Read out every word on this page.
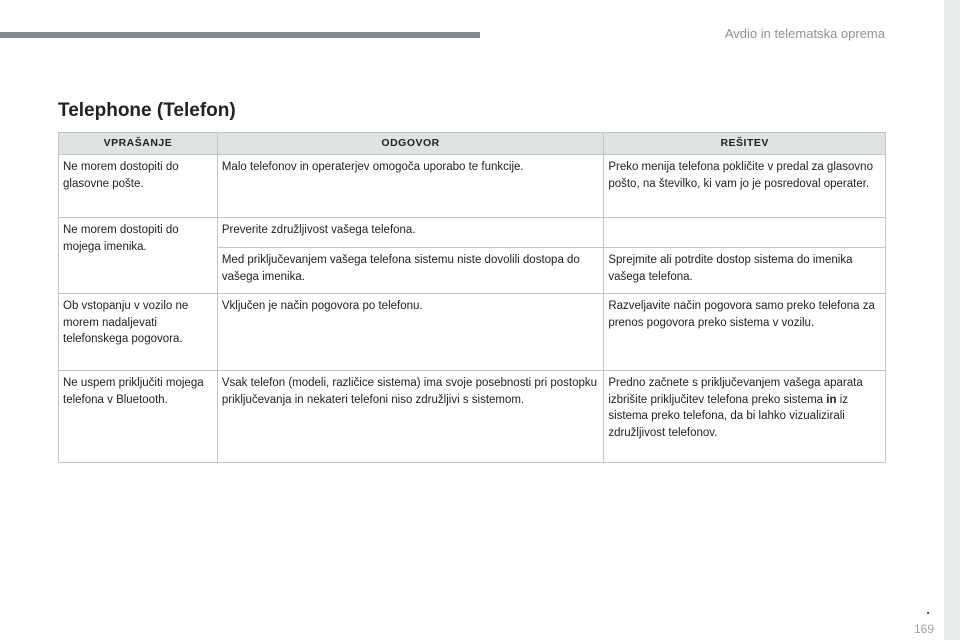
Avdio in telematska oprema
Telephone (Telefon)
VPRAŠANJE	ODGOVOR	REŠITEV
Ne morem dostopiti do glasovne pošte.	Malo telefonov in operaterjev omogoča uporabo te funkcije.	Preko menija telefona pokličite v predal za glasovno pošto, na številko, ki vam jo je posredoval operater.
Ne morem dostopiti do mojega imenika.	Preverite združljivost vašega telefona.	
	Med priključevanjem vašega telefona sistemu niste dovolili dostopa do vašega imenika.	Sprejmite ali potrdite dostop sistema do imenika vašega telefona.
Ob vstopanju v vozilo ne morem nadaljevati telefonskega pogovora.	Vključen je način pogovora po telefonu.	Razveljavite način pogovora samo preko telefona za prenos pogovora preko sistema v vozilu.
Ne uspem priključiti mojega telefona v Bluetooth.	Vsak telefon (modeli, različice sistema) ima svoje posebnosti pri postopku priključevanja in nekateri telefoni niso združljivi s sistemom.	Predno začnete s priključevanjem vašega aparata izbrišite priključitev telefona preko sistema in iz sistema preko telefona, da bi lahko vizualizirali združljivost telefonov.
.
169
